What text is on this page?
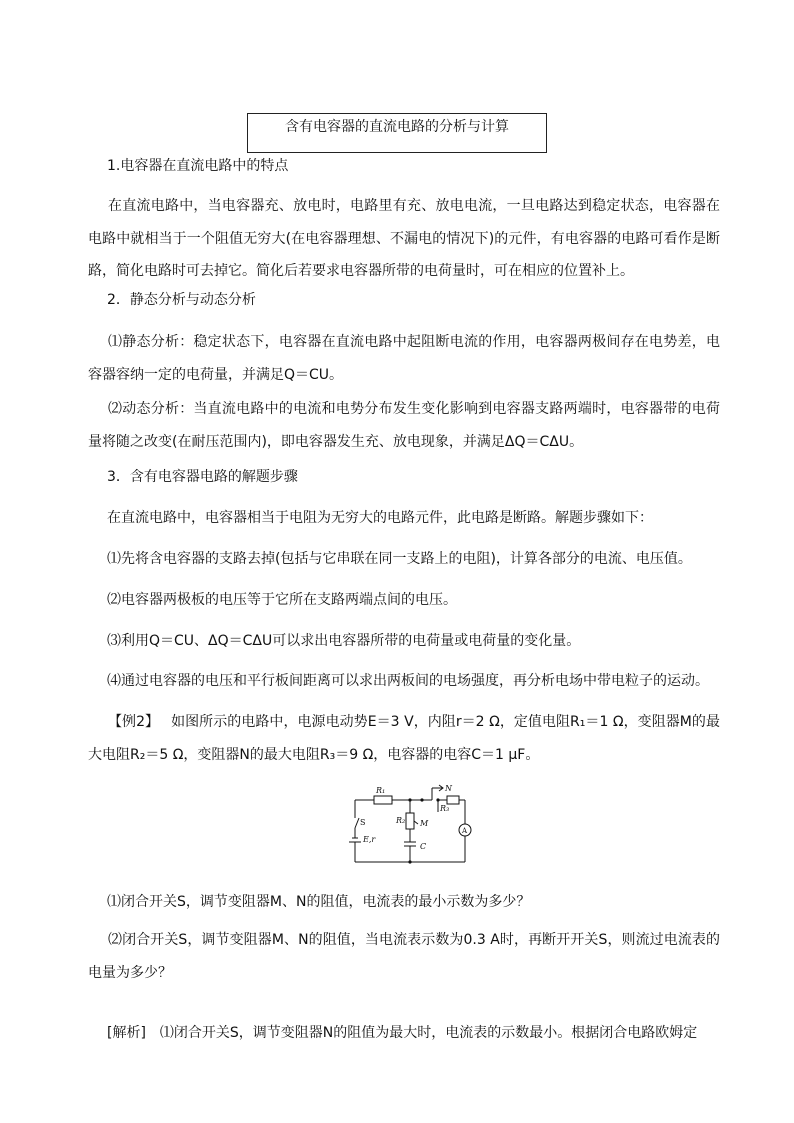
含有电容器的直流电路的分析与计算
1.电容器在直流电路中的特点
在直流电路中，当电容器充、放电时，电路里有充、放电电流，一旦电路达到稳定状态，电容器在电路中就相当于一个阻值无穷大(在电容器理想、不漏电的情况下)的元件，有电容器的电路可看作是断路，简化电路时可去掉它。简化后若要求电容器所带的电荷量时，可在相应的位置补上。
2．静态分析与动态分析
⑴静态分析：稳定状态下，电容器在直流电路中起阻断电流的作用，电容器两极间存在电势差，电容器容纳一定的电荷量，并满足Q＝CU。
⑵动态分析：当直流电路中的电流和电势分布发生变化影响到电容器支路两端时，电容器带的电荷量将随之改变(在耐压范围内)，即电容器发生充、放电现象，并满足ΔQ＝CΔU。
3．含有电容器电路的解题步骤
在直流电路中，电容器相当于电阻为无穷大的电路元件，此电路是断路。解题步骤如下：
⑴先将含电容器的支路去掉(包括与它串联在同一支路上的电阻)，计算各部分的电流、电压值。
⑵电容器两极板的电压等于它所在支路两端点间的电压。
⑶利用Q＝CU、ΔQ＝CΔU可以求出电容器所带的电荷量或电荷量的变化量。
⑷通过电容器的电压和平行板间距离可以求出两板间的电场强度，再分析电场中带电粒子的运动。
【例2】 如图所示的电路中，电源电动势E＝3 V，内阻r＝2 Ω，定值电阻R₁＝1 Ω，变阻器M的最大电阻R₂＝5 Ω，变阻器N的最大电阻R₃＝9 Ω，电容器的电容C＝1 μF。
R₁	N
R₃
S	R₂ M
A
E,r
C
⑴闭合开关S，调节变阻器M、N的阻值，电流表的最小示数为多少？
⑵闭合开关S，调节变阻器M、N的阻值，当电流表示数为0.3 A时，再断开开关S，则流过电流表的电量为多少？
[解析]　⑴闭合开关S，调节变阻器N的阻值为最大时，电流表的示数最小。根据闭合电路欧姆定
